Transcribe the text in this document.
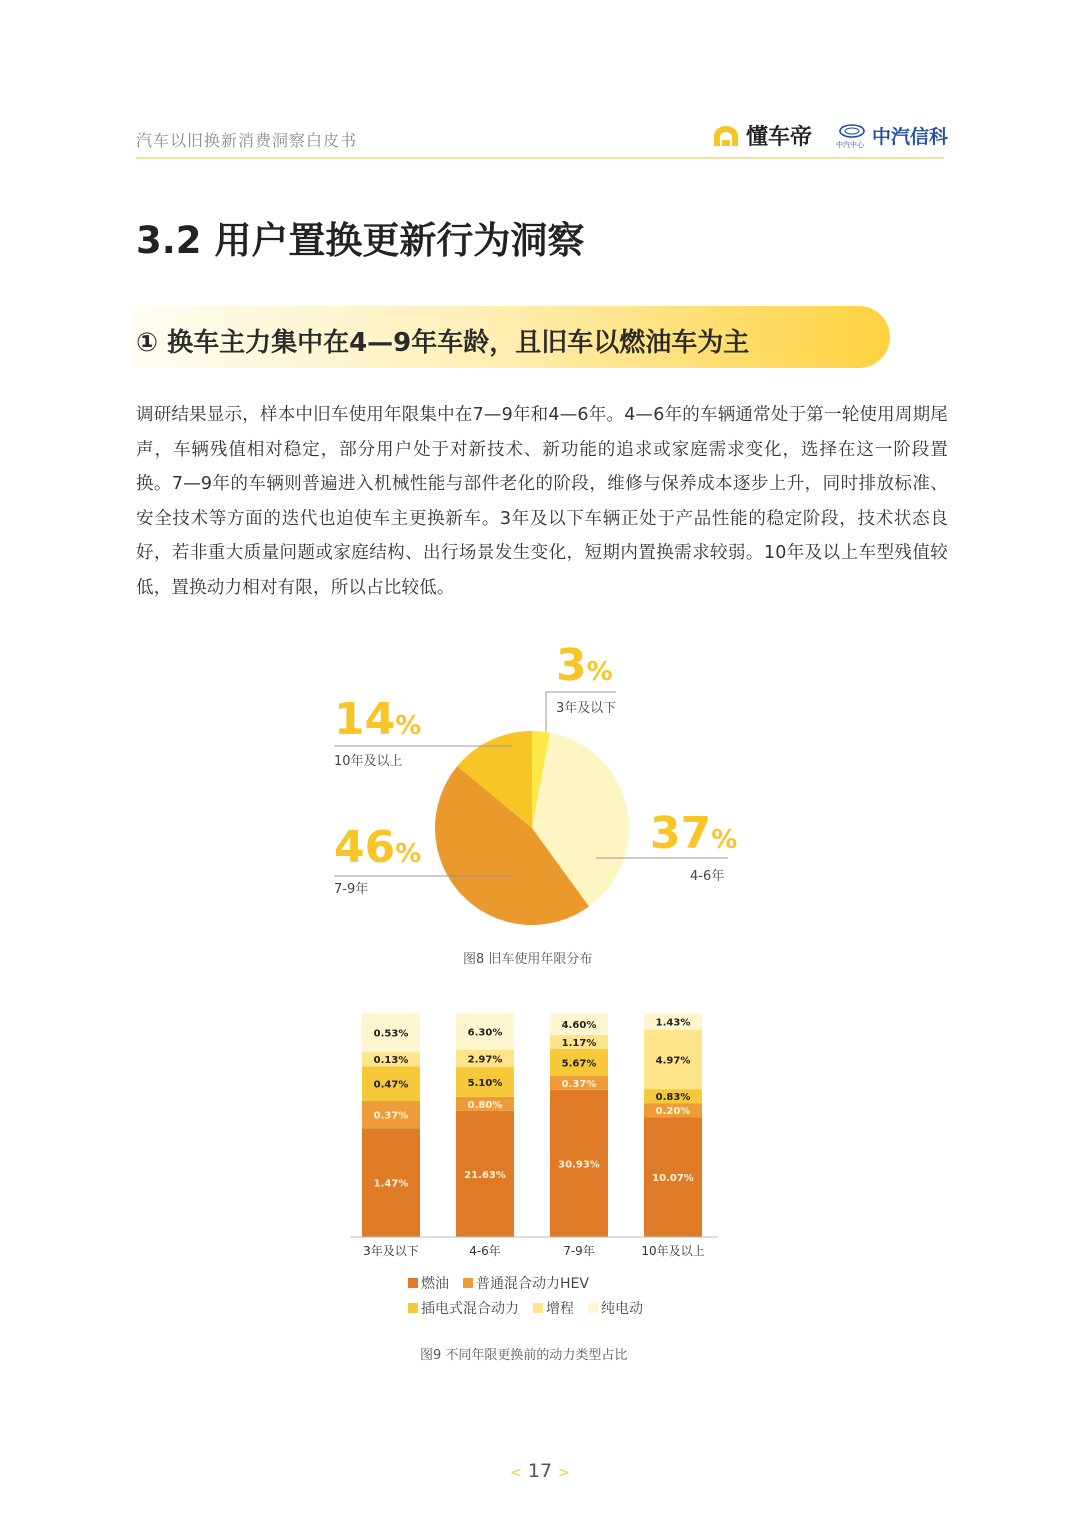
汽车以旧换新消费洞察白皮书	懂车帝	中汽中心 中汽信科
3.2 用户置换更新行为洞察
① 换车主力集中在4—9年车龄，且旧车以燃油车为主
调研结果显示，样本中旧车使用年限集中在7—9年和4—6年。4—6年的车辆通常处于第一轮使用周期尾声，车辆残值相对稳定，部分用户处于对新技术、新功能的追求或家庭需求变化，选择在这一阶段置换。7—9年的车辆则普遍进入机械性能与部件老化的阶段，维修与保养成本逐步上升，同时排放标准、安全技术等方面的迭代也迫使车主更换新车。3年及以下车辆正处于产品性能的稳定阶段，技术状态良好，若非重大质量问题或家庭结构、出行场景发生变化，短期内置换需求较弱。10年及以上车型残值较低，置换动力相对有限，所以占比较低。
3%
3年及以下
14%
10年及以上
46%
7-9年
37%
4-6年
图8 旧车使用年限分布
1.47%
0.37%
0.47%
0.13%
0.53%
21.63%
0.80%
5.10%
2.97%
6.30%
30.93%
0.37%
5.67%
1.17%
4.60%
10.07%
0.20%
0.83%
4.97%
1.43%
3年及以下	4-6年	7-9年	10年及以上
燃油 普通混合动力HEV
插电式混合动力 增程 纯电动
图9 不同年限更换前的动力类型占比
< 17 >
